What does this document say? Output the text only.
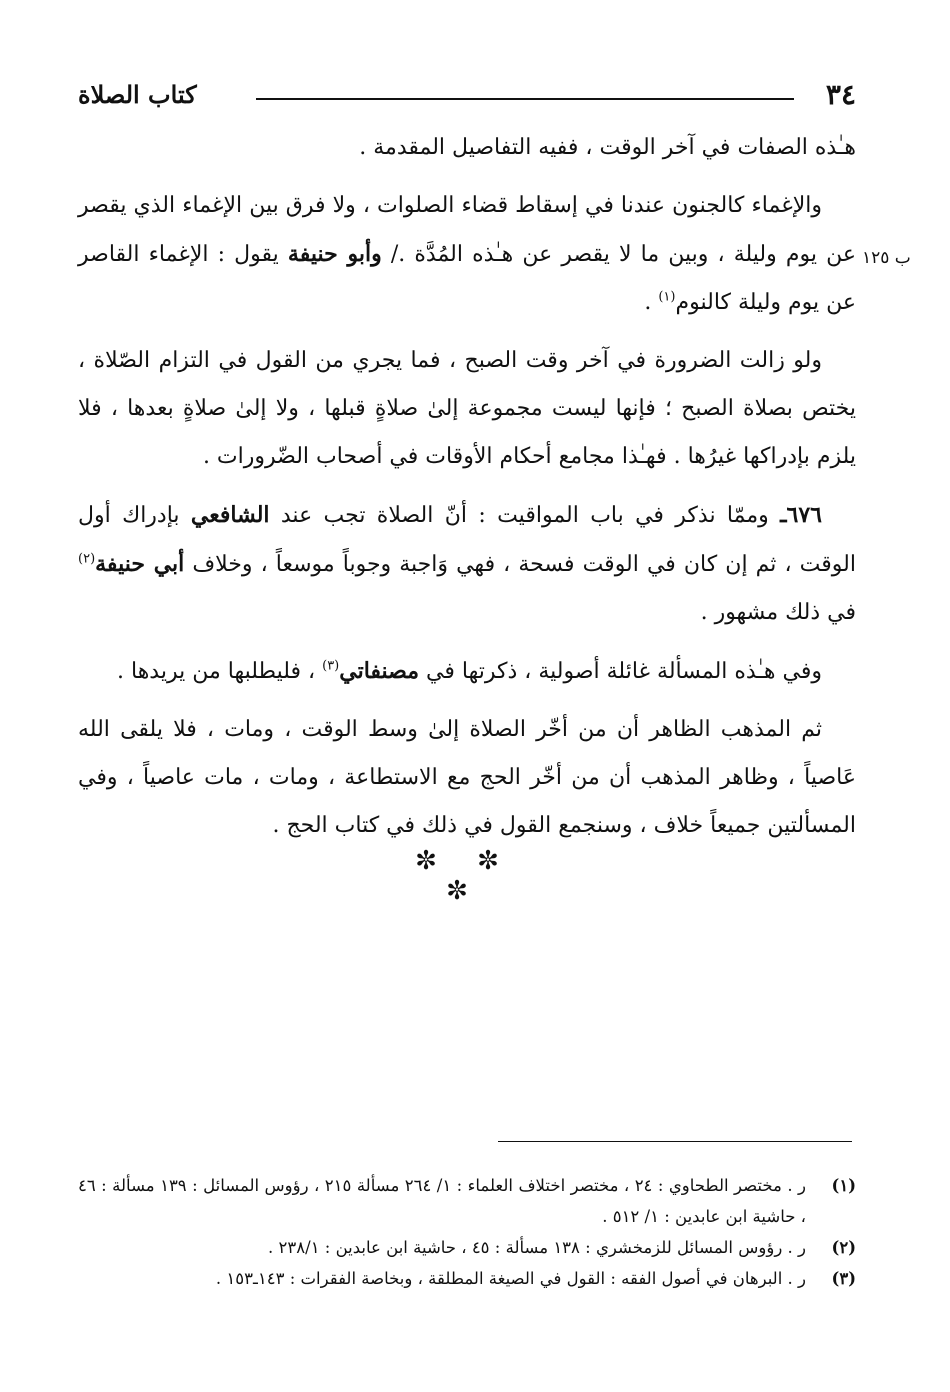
٣٤
كتاب الصلاة
ب ١٢٥

هـٰذه الصفات في آخر الوقت ، ففيه التفاصيل المقدمة .

والإغماء كالجنون عندنا في إسقاط قضاء الصلوات ، ولا فرق بين الإغماء الذي يقصر عن يوم وليلة ، وبين ما لا يقصر عن هـٰذه المُدَّة ./ وأبو حنيفة يقول : الإغماء القاصر عن يوم وليلة كالنوم$^{(١)}$ .

ولو زالت الضرورة في آخر وقت الصبح ، فما يجري من القول في التزام الصّلاة ، يختص بصلاة الصبح ؛ فإنها ليست مجموعة إلىٰ صلاةٍ قبلها ، ولا إلىٰ صلاةٍ بعدها ، فلا يلزم بإدراكها غيرُها . فهـٰذا مجامع أحكام الأوقات في أصحاب الضّرورات .

٦٧٦ـ وممّا نذكر في باب المواقيت : أنّ الصلاة تجب عند الشافعي بإدراك أول الوقت ، ثم إن كان في الوقت فسحة ، فهي وَاجبة وجوباً موسعاً ، وخلاف أبي حنيفة$^{(٢)}$ في ذلك مشهور .

وفي هـٰذه المسألة غائلة أصولية ، ذكرتها في مصنفاتي$^{(٣)}$ ، فليطلبها من يريدها .

ثم المذهب الظاهر أن من أخّر الصلاة إلىٰ وسط الوقت ، ومات ، فلا يلقى الله عَاصياً ، وظاهر المذهب أن من أخّر الحج مع الاستطاعة ، ومات ، مات عاصياً ، وفي المسألتين جميعاً خلاف ، وسنجمع القول في ذلك في كتاب الحج .

✼ ✼ ✼
(١)
ر . مختصر الطحاوي : ٢٤ ، مختصر اختلاف العلماء : ١/ ٢٦٤ مسألة ٢١٥ ، رؤوس المسائل : ١٣٩ مسألة : ٤٦ ، حاشية ابن عابدين : ١/ ٥١٢ .
(٢)
ر . رؤوس المسائل للزمخشري : ١٣٨ مسألة : ٤٥ ، حاشية ابن عابدين : ٢٣٨/١ .
(٣)
ر . البرهان في أصول الفقه : القول في الصيغة المطلقة ، وبخاصة الفقرات : ١٤٣ـ١٥٣ .
